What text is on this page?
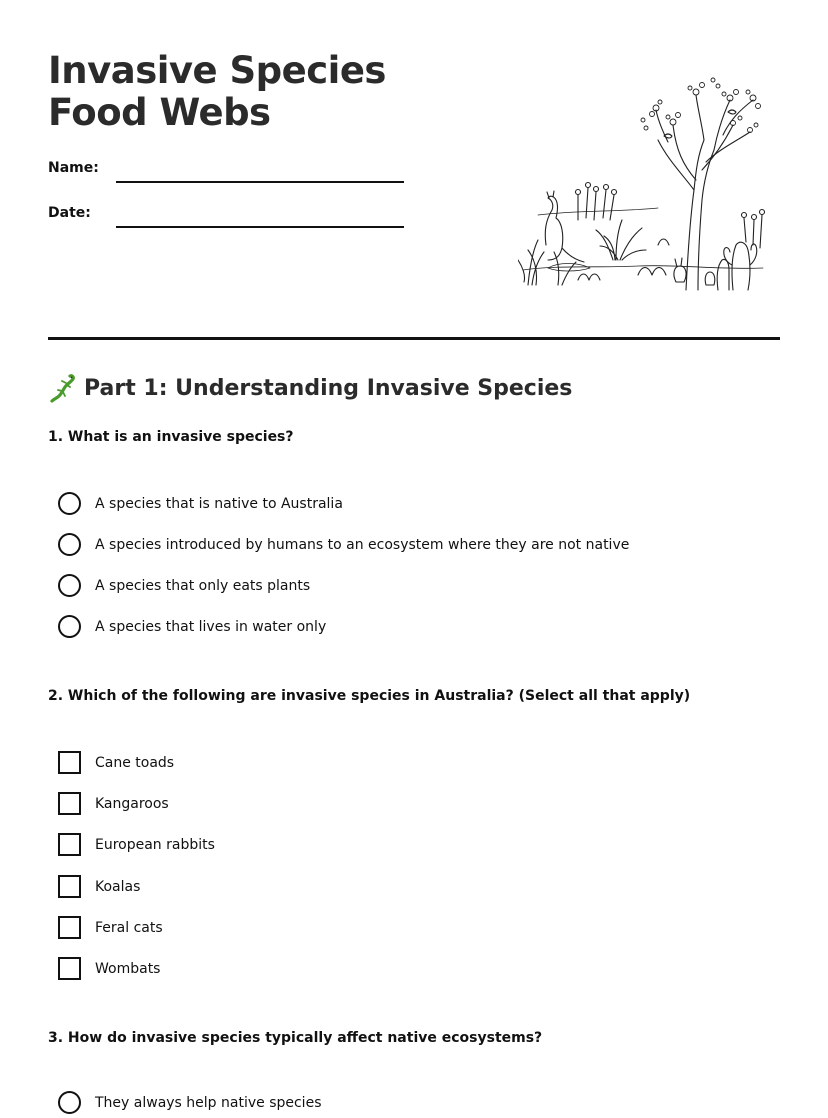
Invasive Species Food Webs
Name:
Date:
Part 1: Understanding Invasive Species
1. What is an invasive species?
A species that is native to Australia
A species introduced by humans to an ecosystem where they are not native
A species that only eats plants
A species that lives in water only
2. Which of the following are invasive species in Australia? (Select all that apply)
Cane toads
Kangaroos
European rabbits
Koalas
Feral cats
Wombats
3. How do invasive species typically affect native ecosystems?
They always help native species
